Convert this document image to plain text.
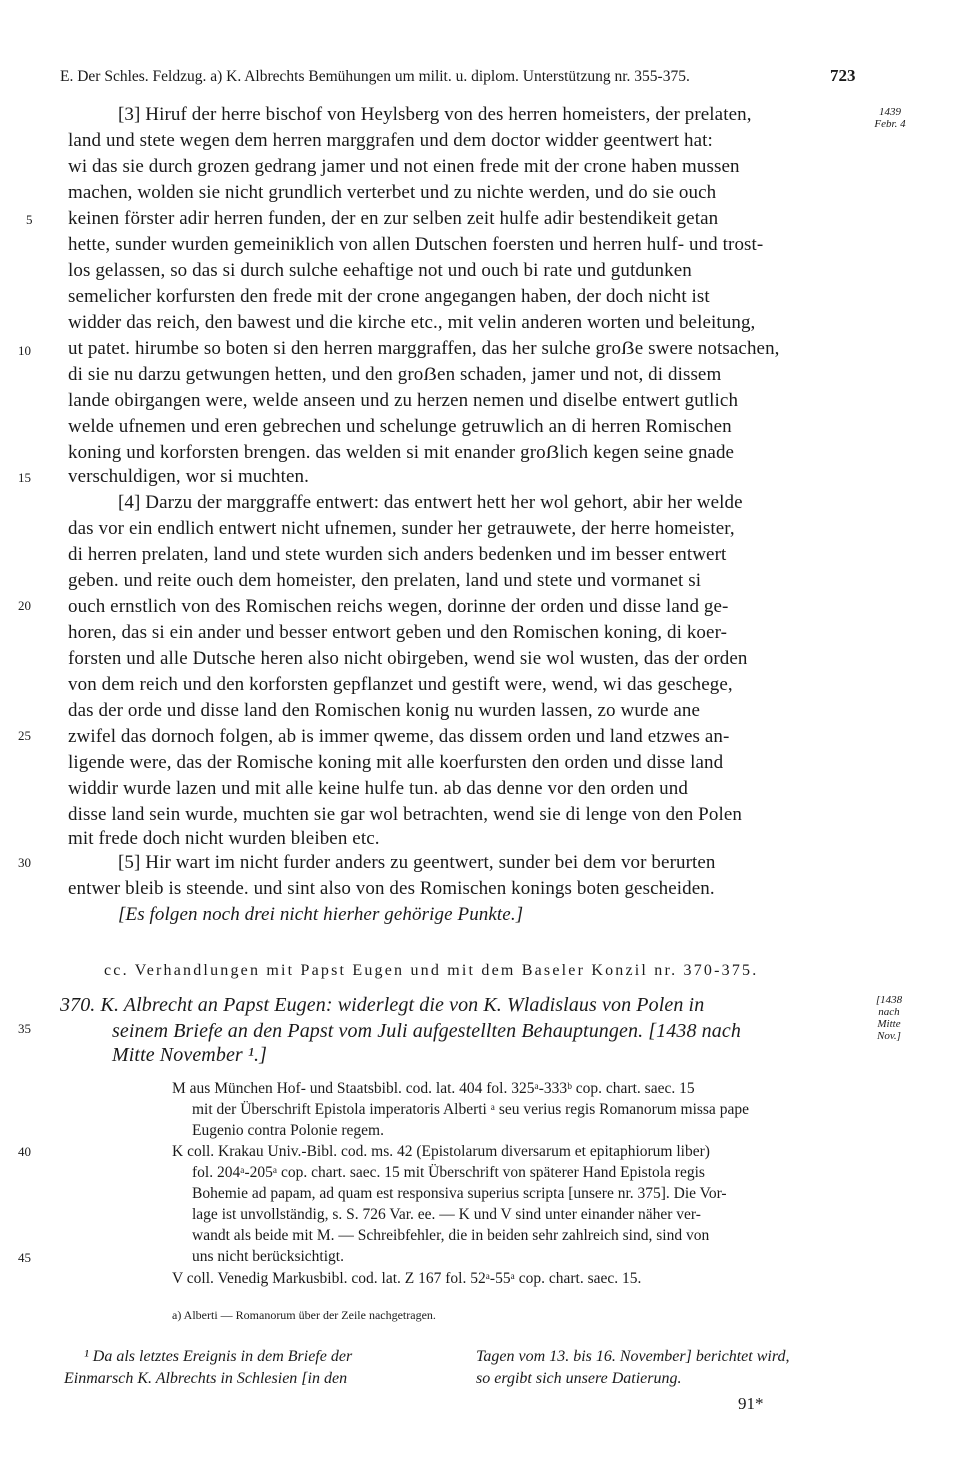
E. Der Schles. Feldzug. a) K. Albrechts Bemühungen um milit. u. diplom. Unterstützung nr. 355-375.	723
1439 Febr. 4
[1438 nach Mitte Nov.]
5
10
15
20
25
30
35
40
45
[3] Hiruf der herre bischof von Heylsberg von des herren homeisters, der prelaten,
land und stete wegen dem herren marggrafen und dem doctor widder geentwert hat:
wi das sie durch grozen gedrang jamer und not einen frede mit der crone haben mussen
machen, wolden sie nicht grundlich verterbet und zu nichte werden, und do sie ouch
keinen förster adir herren funden, der en zur selben zeit hulfe adir bestendikeit getan
hette, sunder wurden gemeiniklich von allen Dutschen foersten und herren hulf- und trost-
los gelassen, so das si durch sulche eehaftige not und ouch bi rate und gutdunken
semelicher korfursten den frede mit der crone angegangen haben, der doch nicht ist
widder das reich, den bawest und die kirche etc., mit velin anderen worten und beleitung,
ut patet. hirumbe so boten si den herren marggraffen, das her sulche groẞe swere notsachen,
di sie nu darzu getwungen hetten, und den groẞen schaden, jamer und not, di dissem
lande obirgangen were, welde anseen und zu herzen nemen und diselbe entwert gutlich
welde ufnemen und eren gebrechen und schelunge getruwlich an di herren Romischen
koning und korforsten brengen. das welden si mit enander groẞlich kegen seine gnade
verschuldigen, wor si muchten.
[4] Darzu der marggraffe entwert: das entwert hett her wol gehort, abir her welde
das vor ein endlich entwert nicht ufnemen, sunder her getrauwete, der herre homeister,
di herren prelaten, land und stete wurden sich anders bedenken und im besser entwert
geben. und reite ouch dem homeister, den prelaten, land und stete und vormanet si
ouch ernstlich von des Romischen reichs wegen, dorinne der orden und disse land ge-
horen, das si ein ander und besser entwort geben und den Romischen koning, di koer-
forsten und alle Dutsche heren also nicht obirgeben, wend sie wol wusten, das der orden
von dem reich und den korforsten gepflanzet und gestift were, wend, wi das geschege,
das der orde und disse land den Romischen konig nu wurden lassen, zo wurde ane
zwifel das dornoch folgen, ab is immer qweme, das dissem orden und land etzwes an-
ligende were, das der Romische koning mit alle koerfursten den orden und disse land
widdir wurde lazen und mit alle keine hulfe tun. ab das denne vor den orden und
disse land sein wurde, muchten sie gar wol betrachten, wend sie di lenge von den Polen
mit frede doch nicht wurden bleiben etc.
[5] Hir wart im nicht furder anders zu geentwert, sunder bei dem vor berurten
entwer bleib is steende. und sint also von des Romischen konings boten gescheiden.
[Es folgen noch drei nicht hierher gehörige Punkte.]
cc. Verhandlungen mit Papst Eugen und mit dem Baseler Konzil nr. 370-375.
370. K. Albrecht an Papst Eugen: widerlegt die von K. Wladislaus von Polen in
seinem Briefe an den Papst vom Juli aufgestellten Behauptungen. [1438 nach
Mitte November ¹.]
M aus München Hof- und Staatsbibl. cod. lat. 404 fol. 325ᵃ-333ᵇ cop. chart. saec. 15
mit der Überschrift Epistola imperatoris Alberti ᵃ seu verius regis Romanorum missa pape
Eugenio contra Polonie regem.
K coll. Krakau Univ.-Bibl. cod. ms. 42 (Epistolarum diversarum et epitaphiorum liber)
fol. 204ᵃ-205ᵃ cop. chart. saec. 15 mit Überschrift von späterer Hand Epistola regis
Bohemie ad papam, ad quam est responsiva superius scripta [unsere nr. 375]. Die Vor-
lage ist unvollständig, s. S. 726 Var. ee. — K und V sind unter einander näher ver-
wandt als beide mit M. — Schreibfehler, die in beiden sehr zahlreich sind, sind von
uns nicht berücksichtigt.
V coll. Venedig Markusbibl. cod. lat. Z 167 fol. 52ᵃ-55ᵃ cop. chart. saec. 15.
a) Alberti — Romanorum über der Zeile nachgetragen.
¹ Da als letztes Ereignis in dem Briefe der
Einmarsch K. Albrechts in Schlesien [in den
Tagen vom 13. bis 16. November] berichtet wird,
so ergibt sich unsere Datierung.
91*
